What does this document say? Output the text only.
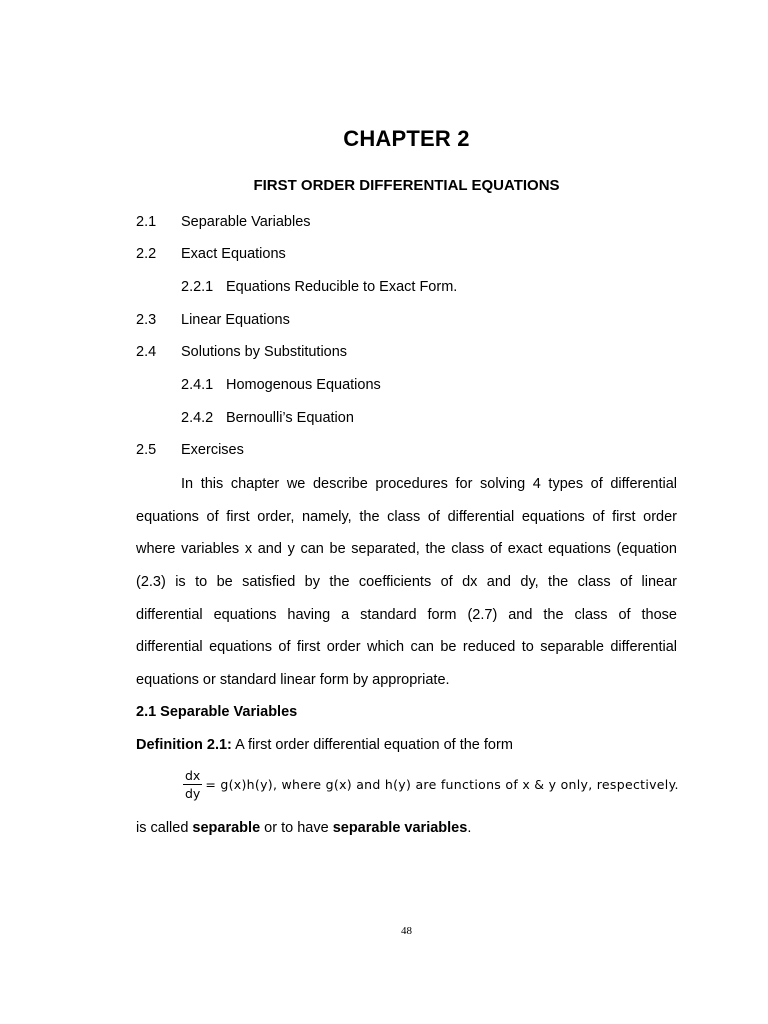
CHAPTER 2
FIRST ORDER DIFFERENTIAL EQUATIONS
2.1 Separable Variables
2.2 Exact Equations
2.2.1 Equations Reducible to Exact Form.
2.3 Linear Equations
2.4 Solutions by Substitutions
2.4.1 Homogenous Equations
2.4.2 Bernoulli’s Equation
2.5 Exercises
In this chapter we describe procedures for solving 4 types of differential
equations of first order, namely, the class of differential equations of first order
where variables x and y can be separated, the class of exact equations (equation
(2.3) is to be satisfied by the coefficients of dx and dy, the class of linear
differential equations having a standard form (2.7) and the class of those
differential equations of first order which can be reduced to separable differential
equations or standard linear form by appropriate.
2.1 Separable Variables
Definition 2.1: A first order differential equation of the form
$\frac{dx}{dy} = g(x)h(y)$, where g(x) and h(y) are functions of x & y only, respectively.
is called separable or to have separable variables.
48
